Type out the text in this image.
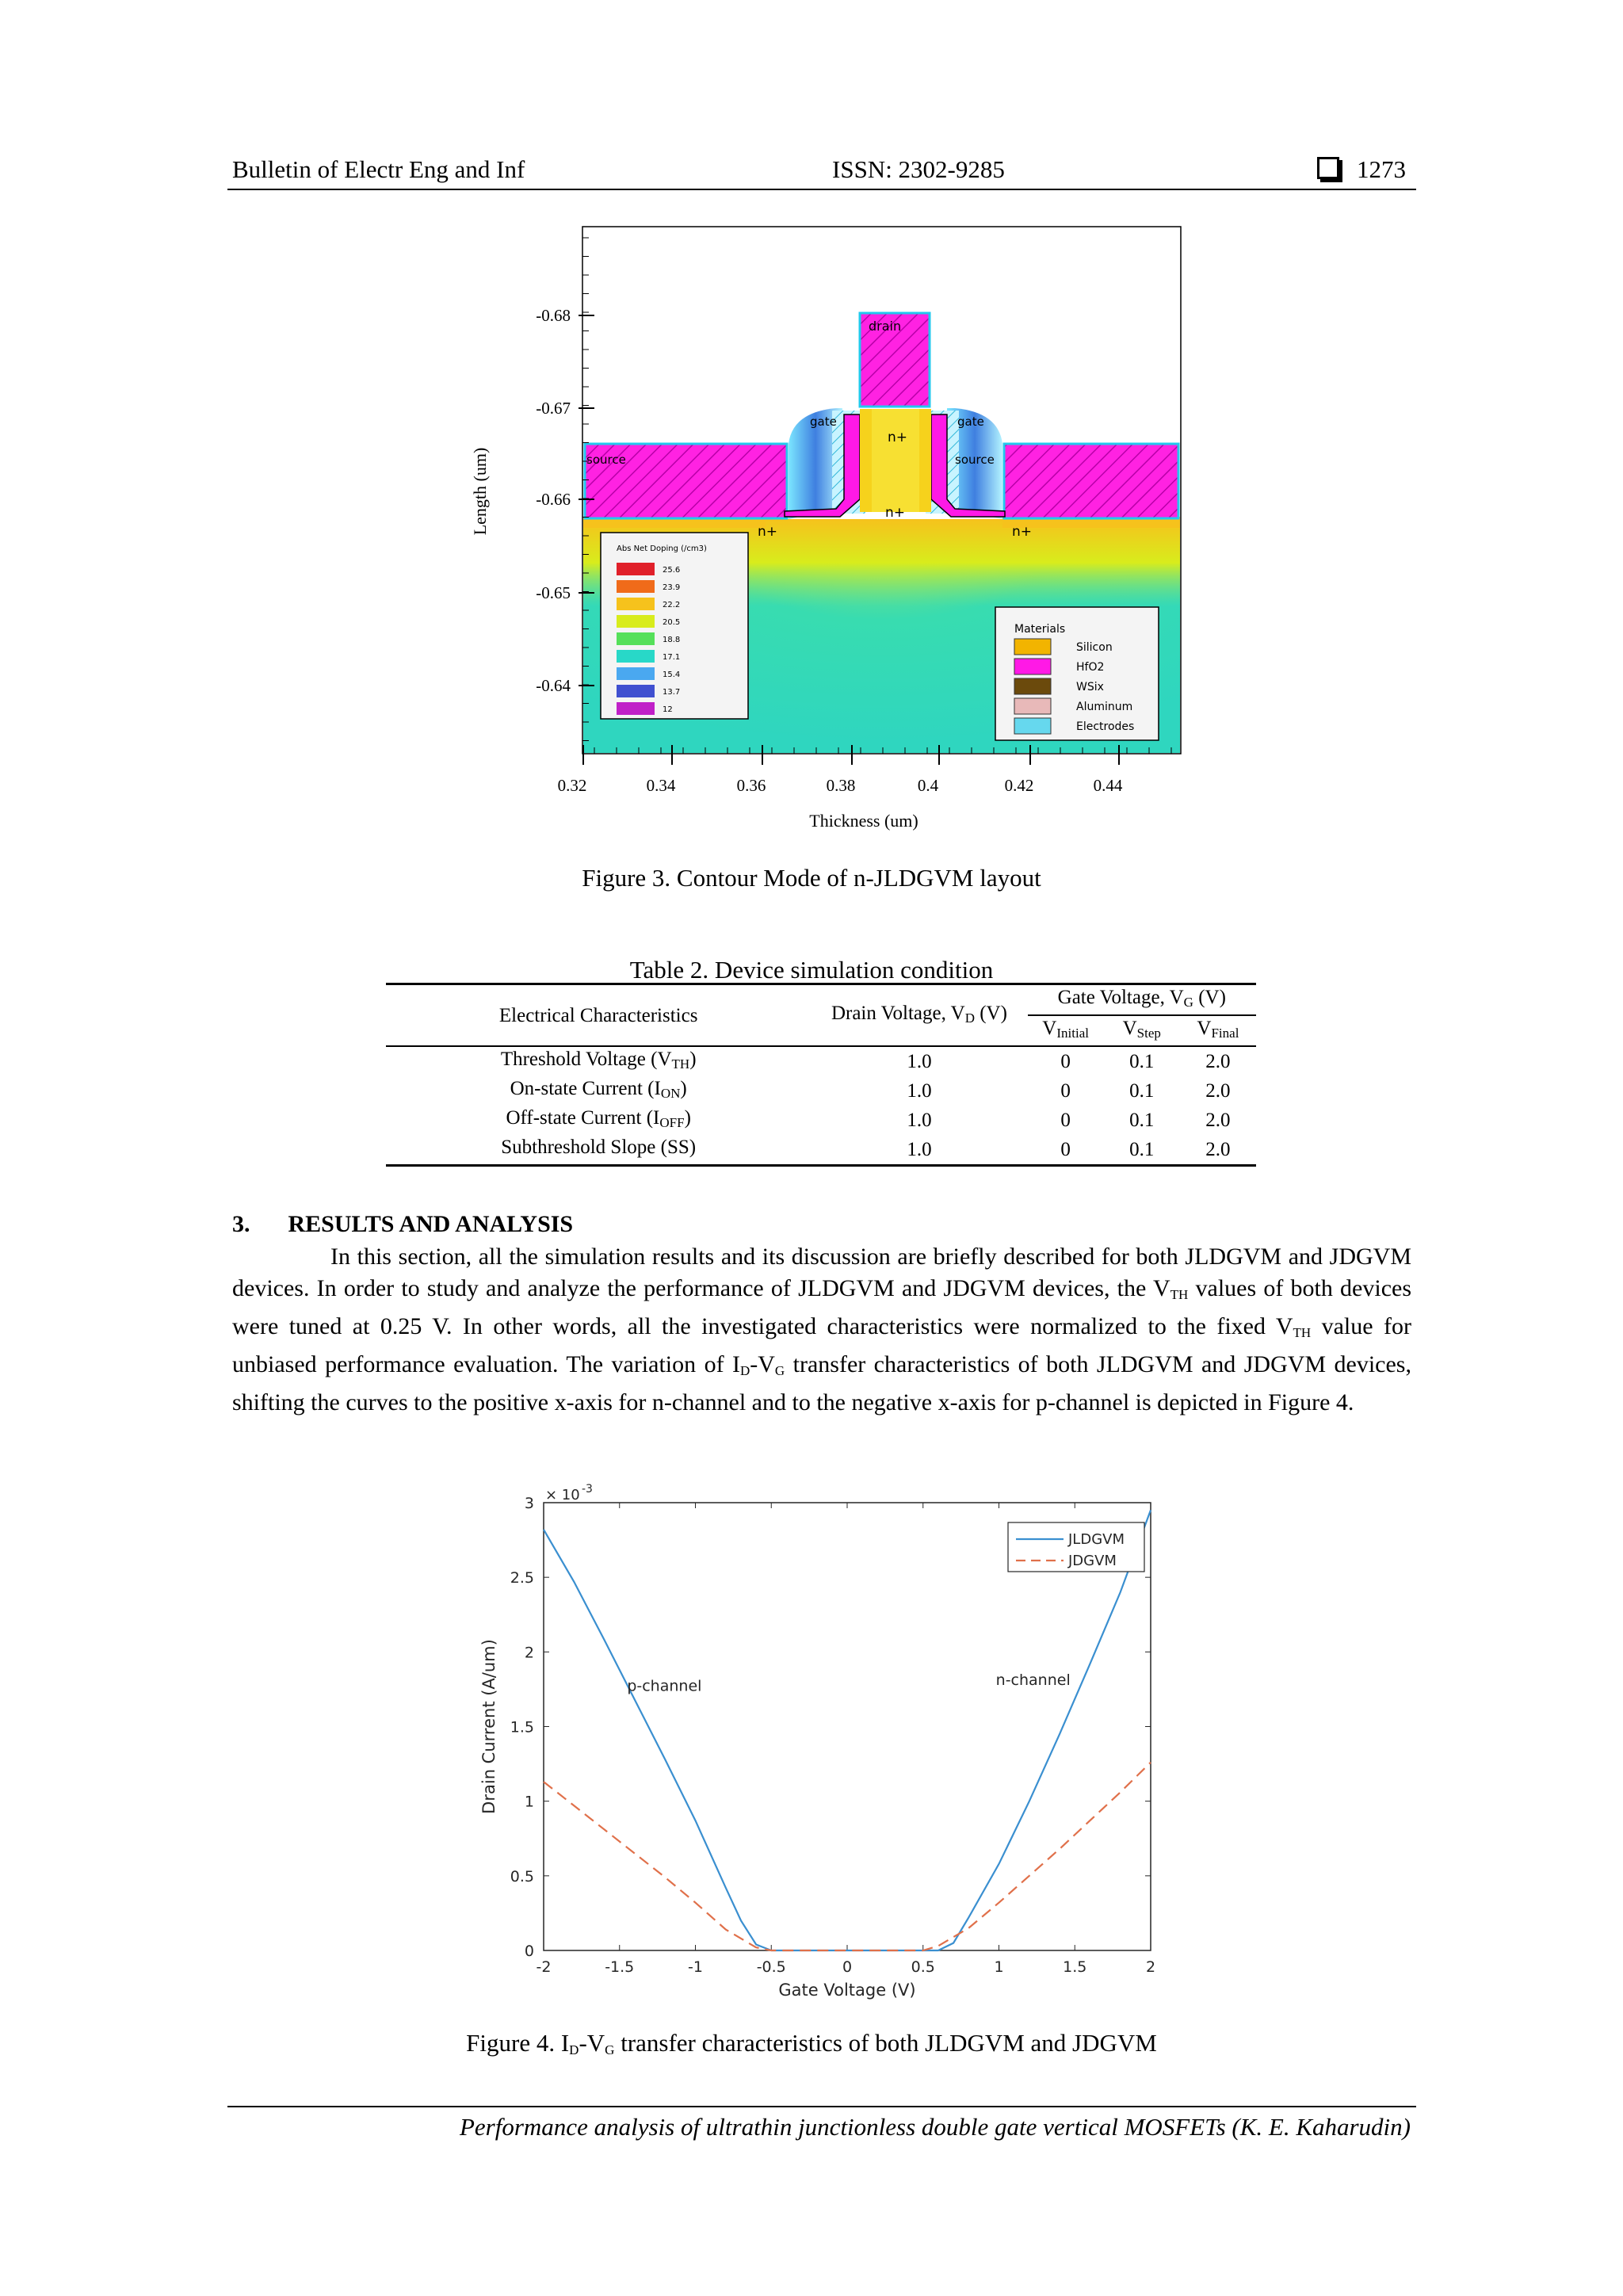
Bulletin of Electr Eng and Inf	ISSN: 2302-9285	1273
drain
gate	gate
source	source
n+
n+
n+	n+
Abs Net Doping (/cm3)
25.6
23.9
22.2
20.5
18.8
17.1
15.4
13.7
12
Materials
Silicon
HfO2
WSix
Aluminum
Electrodes
-0.68
-0.67
-0.66
-0.65
-0.64
0.32	0.34	0.36	0.38	0.4	0.42	0.44
Length (um)
Thickness (um)
Figure 3. Contour Mode of n-JLDGVM layout
Table 2. Device simulation condition
Electrical Characteristics	Drain Voltage, $V_D$ (V)	Gate Voltage, $V_G$ (V)		
		$V_{Initial}$	$V_{Step}$	$V_{Final}$
Threshold Voltage $(V_{TH})$	1.0	0	0.1	2.0
On-state Current $(I_{ON})$	1.0	0	0.1	2.0
Off-state Current $(I_{OFF})$	1.0	0	0.1	2.0
Subthreshold Slope (SS)	1.0	0	0.1	2.0
3. RESULTS AND ANALYSIS
In this section, all the simulation results and its discussion are briefly described for both JLDGVM and JDGVM devices. In order to study and analyze the performance of JLDGVM and JDGVM devices, the $V_{TH}$ values of both devices were tuned at 0.25 V. In other words, all the investigated characteristics were normalized to the fixed $V_{TH}$ value for unbiased performance evaluation. The variation of $I_D-V_G$ transfer characteristics of both JLDGVM and JDGVM devices, shifting the curves to the positive x-axis for n-channel and to the negative x-axis for p-channel is depicted in Figure 4.
-2	-1.5	-1	-0.5	0	0.5	1	1.5	2
0
0.5
1
1.5
2
2.5
3 × 10 -3
Gate Voltage (V)
Drain Current (A/um)	p-channel	n-channel
JLDGVM
JDGVM
Figure 4. $I_D-V_G$ transfer characteristics of both JLDGVM and JDGVM
Performance analysis of ultrathin junctionless double gate vertical MOSFETs (K. E. Kaharudin)
